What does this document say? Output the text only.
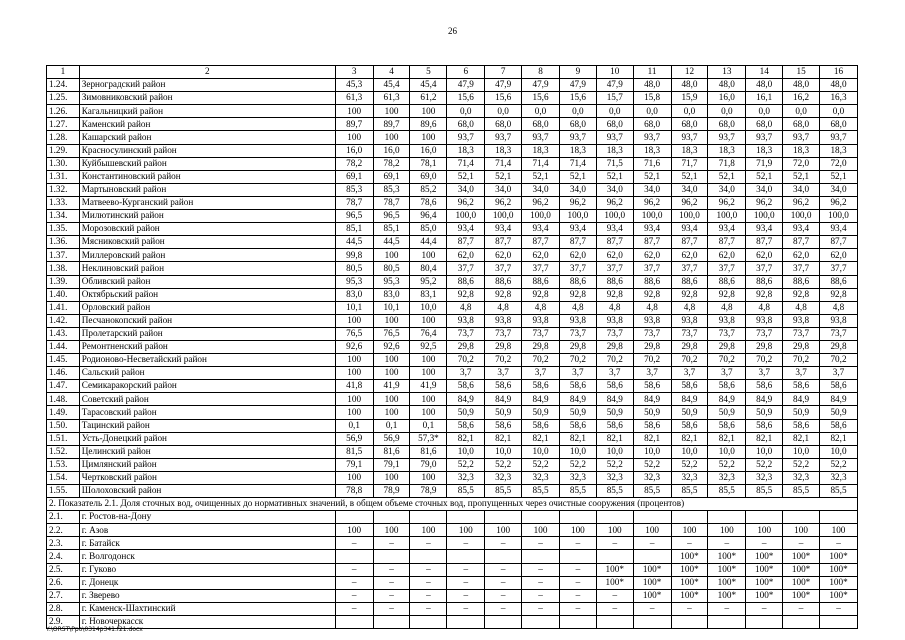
26
1	2	3	4	5	6	7	8	9	10	11	12	13	14	15	16
1.24.	Зерноградский район	45,3	45,4	45,4	47,9	47,9	47,9	47,9	47,9	48,0	48,0	48,0	48,0	48,0	48,0
1.25.	Зимовниковский район	61,3	61,3	61,2	15,6	15,6	15,6	15,6	15,7	15,8	15,9	16,0	16,1	16,2	16,3
1.26.	Кагальницкий район	100	100	100	0,0	0,0	0,0	0,0	0,0	0,0	0,0	0,0	0,0	0,0	0,0
1.27.	Каменский район	89,7	89,7	89,6	68,0	68,0	68,0	68,0	68,0	68,0	68,0	68,0	68,0	68,0	68,0
1.28.	Кашарский район	100	100	100	93,7	93,7	93,7	93,7	93,7	93,7	93,7	93,7	93,7	93,7	93,7
1.29.	Красносулинский район	16,0	16,0	16,0	18,3	18,3	18,3	18,3	18,3	18,3	18,3	18,3	18,3	18,3	18,3
1.30.	Куйбышевский район	78,2	78,2	78,1	71,4	71,4	71,4	71,4	71,5	71,6	71,7	71,8	71,9	72,0	72,0
1.31.	Константиновский район	69,1	69,1	69,0	52,1	52,1	52,1	52,1	52,1	52,1	52,1	52,1	52,1	52,1	52,1
1.32.	Мартыновский район	85,3	85,3	85,2	34,0	34,0	34,0	34,0	34,0	34,0	34,0	34,0	34,0	34,0	34,0
1.33.	Матвеево-Курганский район	78,7	78,7	78,6	96,2	96,2	96,2	96,2	96,2	96,2	96,2	96,2	96,2	96,2	96,2
1.34.	Милютинский район	96,5	96,5	96,4	100,0	100,0	100,0	100,0	100,0	100,0	100,0	100,0	100,0	100,0	100,0
1.35.	Морозовский район	85,1	85,1	85,0	93,4	93,4	93,4	93,4	93,4	93,4	93,4	93,4	93,4	93,4	93,4
1.36.	Мясниковский район	44,5	44,5	44,4	87,7	87,7	87,7	87,7	87,7	87,7	87,7	87,7	87,7	87,7	87,7
1.37.	Миллеровский район	99,8	100	100	62,0	62,0	62,0	62,0	62,0	62,0	62,0	62,0	62,0	62,0	62,0
1.38.	Неклиновский район	80,5	80,5	80,4	37,7	37,7	37,7	37,7	37,7	37,7	37,7	37,7	37,7	37,7	37,7
1.39.	Обливский район	95,3	95,3	95,2	88,6	88,6	88,6	88,6	88,6	88,6	88,6	88,6	88,6	88,6	88,6
1.40.	Октябрьский район	83,0	83,0	83,1	92,8	92,8	92,8	92,8	92,8	92,8	92,8	92,8	92,8	92,8	92,8
1.41.	Орловский район	10,1	10,1	10,0	4,8	4,8	4,8	4,8	4,8	4,8	4,8	4,8	4,8	4,8	4,8
1.42.	Песчанокопский район	100	100	100	93,8	93,8	93,8	93,8	93,8	93,8	93,8	93,8	93,8	93,8	93,8
1.43.	Пролетарский район	76,5	76,5	76,4	73,7	73,7	73,7	73,7	73,7	73,7	73,7	73,7	73,7	73,7	73,7
1.44.	Ремонтненский район	92,6	92,6	92,5	29,8	29,8	29,8	29,8	29,8	29,8	29,8	29,8	29,8	29,8	29,8
1.45.	Родионово-Несветайский район	100	100	100	70,2	70,2	70,2	70,2	70,2	70,2	70,2	70,2	70,2	70,2	70,2
1.46.	Сальский район	100	100	100	3,7	3,7	3,7	3,7	3,7	3,7	3,7	3,7	3,7	3,7	3,7
1.47.	Семикаракорский район	41,8	41,9	41,9	58,6	58,6	58,6	58,6	58,6	58,6	58,6	58,6	58,6	58,6	58,6
1.48.	Советский район	100	100	100	84,9	84,9	84,9	84,9	84,9	84,9	84,9	84,9	84,9	84,9	84,9
1.49.	Тарасовский район	100	100	100	50,9	50,9	50,9	50,9	50,9	50,9	50,9	50,9	50,9	50,9	50,9
1.50.	Тацинский район	0,1	0,1	0,1	58,6	58,6	58,6	58,6	58,6	58,6	58,6	58,6	58,6	58,6	58,6
1.51.	Усть-Донецкий район	56,9	56,9	57,3*	82,1	82,1	82,1	82,1	82,1	82,1	82,1	82,1	82,1	82,1	82,1
1.52.	Целинский район	81,5	81,6	81,6	10,0	10,0	10,0	10,0	10,0	10,0	10,0	10,0	10,0	10,0	10,0
1.53.	Цимлянский район	79,1	79,1	79,0	52,2	52,2	52,2	52,2	52,2	52,2	52,2	52,2	52,2	52,2	52,2
1.54.	Чертковский район	100	100	100	32,3	32,3	32,3	32,3	32,3	32,3	32,3	32,3	32,3	32,3	32,3
1.55.	Шолоховский район	78,8	78,9	78,9	85,5	85,5	85,5	85,5	85,5	85,5	85,5	85,5	85,5	85,5	85,5
2. Показатель 2.1. Доля сточных вод, очищенных до нормативных значений, в общем объеме сточных вод, пропущенных через очистные сооружения (процентов)															
2.1.	г. Ростов-на-Дону														
2.2.	г. Азов	100	100	100	100	100	100	100	100	100	100	100	100	100	100
2.3.	г. Батайск	–	–	–	–	–	–	–	–	–	–	–	–	–	–
2.4.	г. Волгодонск										100*	100*	100*	100*	100*
2.5.	г. Гуково	–	–	–	–	–	–	–	100*	100*	100*	100*	100*	100*	100*
2.6.	г. Донецк	–	–	–	–	–	–	–	100*	100*	100*	100*	100*	100*	100*
2.7.	г. Зверево	–	–	–	–	–	–	–	–	100*	100*	100*	100*	100*	100*
2.8.	г. Каменск-Шахтинский	–	–	–	–	–	–	–	–	–	–	–	–	–	–
2.9.	г. Новочеркасск														
Y:\ORST\Ppo\0314p341.f21.docx
